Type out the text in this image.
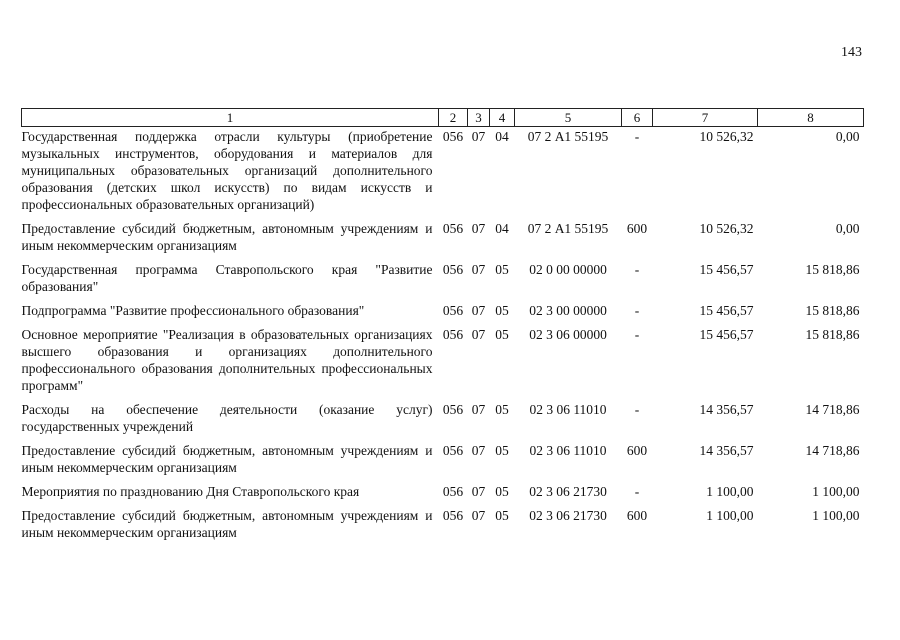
143
1	2	3	4	5	6	7	8
Государственная поддержка отрасли культуры (приобретение музыкальных инструментов, оборудования и материалов для муниципальных образовательных организаций дополнительного образования (детских школ искусств) по видам искусств и профессиональных образовательных организаций)	056	07	04	07 2 А1 55195	-	10 526,32	0,00
Предоставление субсидий бюджетным, автономным учреждениям и иным некоммерческим организациям	056	07	04	07 2 А1 55195	600	10 526,32	0,00
Государственная программа Ставропольского края "Развитие образования"	056	07	05	02 0 00 00000	-	15 456,57	15 818,86
Подпрограмма "Развитие профессионального образования"	056	07	05	02 3 00 00000	-	15 456,57	15 818,86
Основное мероприятие "Реализация в образовательных организациях высшего образования и организациях дополнительного профессионального образования дополнительных профессиональных программ"	056	07	05	02 3 06 00000	-	15 456,57	15 818,86
Расходы на обеспечение деятельности (оказание услуг) государственных учреждений	056	07	05	02 3 06 11010	-	14 356,57	14 718,86
Предоставление субсидий бюджетным, автономным учреждениям и иным некоммерческим организациям	056	07	05	02 3 06 11010	600	14 356,57	14 718,86
Мероприятия по празднованию Дня Ставропольского края	056	07	05	02 3 06 21730	-	1 100,00	1 100,00
Предоставление субсидий бюджетным, автономным учреждениям и иным некоммерческим организациям	056	07	05	02 3 06 21730	600	1 100,00	1 100,00
